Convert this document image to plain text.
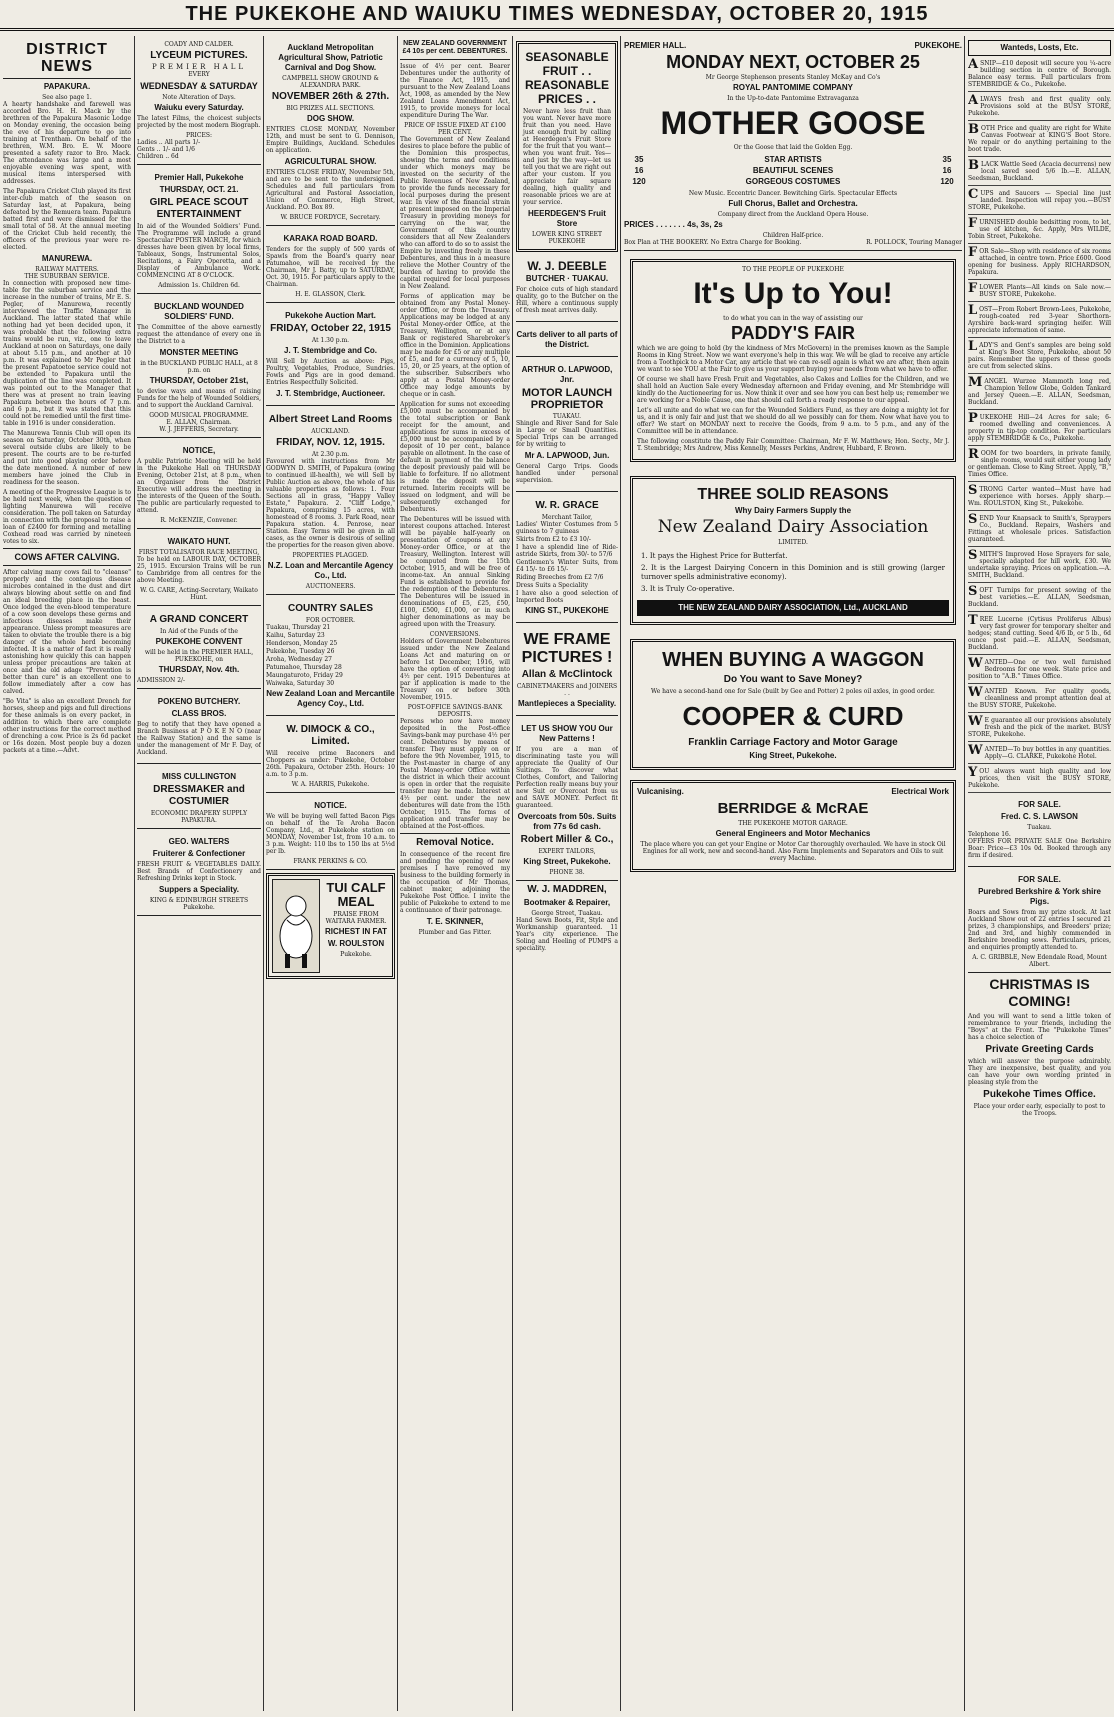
THE PUKEKOHE AND WAIUKU TIMES WEDNESDAY, OCTOBER 20, 1915
DISTRICT NEWS
PAPAKURA.
See also page 1.

A hearty handshake and farewell was accorded Bro. H. H. Mack by the brethren of the Papakura Masonic Lodge on Monday evening, the occasion being the eve of his departure to go into training at Trentham. On behalf of the brethren, W.M. Bro. E. W. Moore presented a safety razor to Bro. Mack. The attendance was large and a most enjoyable evening was spent, with musical items interspersed with addresses.

The Papakura Cricket Club played its first inter-club match of the season on Saturday last, at Papakura, being defeated by the Remuera team. Papakura batted first and were dismissed for the small total of 58. At the annual meeting of the Cricket Club held recently, the officers of the previous year were re-elected.

MANUREWA.
RAILWAY MATTERS.
THE SUBURBAN SERVICE.

In connection with proposed new time-table for the suburban service and the increase in the number of trains, Mr E. S. Pegler, of Manurewa, recently interviewed the Traffic Manager in Auckland. The latter stated that while nothing had yet been decided upon, it was probable that the following extra trains would be run, viz., one to leave Auckland at noon on Saturdays, one daily at about 5.15 p.m., and another at 10 p.m. It was explained to Mr Pegler that the present Papatoetoe service could not be extended to Papakura until the duplication of the line was completed. It was pointed out to the Manager that there was at present no train leaving Papakura between the hours of 7 p.m. and 6 p.m., but it was stated that this could not be remedied until the first time-table in 1916 is under consideration.

The Manurewa Tennis Club will open its season on Saturday, October 30th, when several outside clubs are likely to be present. The courts are to be re-turfed and put into good playing order before the date mentioned. A number of new members have joined the Club in readiness for the season.

A meeting of the Progressive League is to be held next week, when the question of lighting Manurewa will receive consideration. The poll taken on Saturday in connection with the proposal to raise a loan of £2400 for forming and metalling Coxhead road was carried by nineteen votes to six.

COWS AFTER CALVING.

After calving many cows fail to "cleanse" properly and the contagious disease microbes contained in the dust and dirt always blowing about settle on and find an ideal breeding place in the beast. Once lodged the even-blood temperature of a cow soon develops these germs and infectious diseases make their appearance. Unless prompt measures are taken to obviate the trouble there is a big danger of the whole herd becoming infected. It is a matter of fact it is really astonishing how quickly this can happen unless proper precautions are taken at once and the old adage "Prevention is better than cure" is an excellent one to follow immediately after a cow has calved.

"Bo Vita" is also an excellent Drench for horses, sheep and pigs and full directions for these animals is on every packet, in addition to which there are complete other instructions for the correct method of drenching a cow. Price is 2s 6d packet or 16s dozen. Most people buy a dozen packets at a time.—Advt.

COADY AND CALDER.
LYCEUM PICTURES.
PREMIER HALL
EVERY
WEDNESDAY & SATURDAY
Note Alteration of Days.
Waiuku every Saturday.

The latest Films, the choicest subjects projected by the most modern Biograph.

PRICES:
Ladies .. All parts 1/-
Gents .. 1/- and 1/6
Children .. 6d
Premier Hall, Pukekohe
THURSDAY, OCT. 21.
GIRL PEACE SCOUT ENTERTAINMENT

In aid of the Wounded Soldiers' Fund. The Programme will include a grand Spectacular POSTER MARCH, for which dresses have been given by local firms, Tableaux, Songs, Instrumental Solos, Recitations, a Fairy Operetta, and a Display of Ambulance Work. COMMENCING AT 8 O'CLOCK.

Admission 1s. Children 6d.
BUCKLAND WOUNDED SOLDIERS' FUND.

The Committee of the above earnestly request the attendance of every one in the District to a

MONSTER MEETING
in the BUCKLAND PUBLIC HALL, at 8 p.m. on
THURSDAY, October 21st,

to devise ways and means of raising Funds for the help of Wounded Soldiers, and to support the Auckland Carnival.

GOOD MUSICAL PROGRAMME.
E. ALLAN, Chairman.
W. J. JEFFERIS, Secretary.
NOTICE,

A public Patriotic Meeting will be held in the Pukekohe Hall on THURSDAY Evening, October 21st, at 8 p.m., when an Organiser from the District Executive will address the meeting in the interests of the Queen of the South. The public are particularly requested to attend.

R. McKENZIE, Convener.
WAIKATO HUNT.
FIRST TOTALISATOR RACE MEETING,

To be held on LABOUR DAY, OCTOBER 25, 1915. Excursion Trains will be run to Cambridge from all centres for the above Meeting.

W. G. CARE, Acting-Secretary, Waikato Hunt.
A GRAND CONCERT
In Aid of the Funds of the
PUKEKOHE CONVENT
will be held in the PREMIER HALL, PUKEKOHE, on
THURSDAY, Nov. 4th.
ADMISSION 2/-
POKENO BUTCHERY.
CLASS BROS.

Beg to notify that they have opened a Branch Business at P O K E N O (near the Railway Station) and the same is under the management of Mr F. Day, of Auckland.

MISS CULLINGTON
DRESSMAKER and COSTUMIER
ECONOMIC DRAPERY SUPPLY PAPAKURA.
GEO. WALTERS
Fruiterer & Confectioner

FRESH FRUIT & VEGETABLES DAILY. Best Brands of Confectionery and Refreshing Drinks kept in Stock.

Suppers a Speciality.
KING & EDINBURGH STREETS Pukekohe.
Auckland Metropolitan Agricultural Show, Patriotic Carnival and Dog Show.
CAMPBELL SHOW GROUND & ALEXANDRA PARK.
NOVEMBER 26th & 27th.
BIG PRIZES ALL SECTIONS.
DOG SHOW.

ENTRIES CLOSE MONDAY, November 12th, and must be sent to G. Dennison, Empire Buildings, Auckland. Schedules on application.

AGRICULTURAL SHOW.

ENTRIES CLOSE FRIDAY, November 5th, and are to be sent to the undersigned. Schedules and full particulars from Agricultural and Pastoral Association, Union of Commerce, High Street, Auckland. P.O. Box 89.

W. BRUCE FORDYCE, Secretary.
KARAKA ROAD BOARD.

Tenders for the supply of 500 yards of Spawls from the Board's quarry near Patumahoe, will be received by the Chairman, Mr J. Batty, up to SATURDAY, Oct. 30, 1915. For particulars apply to the Chairman.

H. E. GLASSON, Clerk.
Pukekohe Auction Mart.
FRIDAY, October 22, 1915
At 1.30 p.m.
J. T. Stembridge and Co.

Will Sell by Auction as above: Pigs, Poultry, Vegetables, Produce, Sundries. Fowls and Pigs are in good demand. Entries Respectfully Solicited.

J. T. Stembridge, Auctioneer.
Albert Street Land Rooms
AUCKLAND.
FRIDAY, NOV. 12, 1915.
At 2.30 p.m.

Favoured with instructions from Mr GODWYN D. SMITH, of Papakura (owing to continued ill-health), we will Sell by Public Auction as above, the whole of his valuable properties as follows: 1. Four Sections all in grass, "Happy Valley Estate," Papakura. 2. "Cliff Lodge," Papakura, comprising 15 acres, with homestead of 8 rooms. 3. Park Road, near Papakura station. 4. Penrose, near Station. Easy Terms will be given in all cases, as the owner is desirous of selling the properties for the reason given above.

PROPERTIES PLAGGED.
N.Z. Loan and Mercantile Agency Co., Ltd.
AUCTIONEERS.
COUNTRY SALES
FOR OCTOBER.
Tuakau, Thursday 21
Kaihu, Saturday 23
Henderson, Monday 25
Pukekohe, Tuesday 26
Aroha, Wednesday 27
Patumahoe, Thursday 28
Maungaturoto, Friday 29
Waiwaka, Saturday 30
New Zealand Loan and Mercantile Agency Coy., Ltd.
W. DIMOCK & CO., Limited.

Will receive prime Baconers and Choppers as under: Pukekohe, October 26th. Papakura, October 25th. Hours: 10 a.m. to 3 p.m.

W. A. HARRIS, Pukekohe.
NOTICE.

We will be buying well fatted Bacon Pigs on behalf of the Te Aroha Bacon Company, Ltd., at Pukekohe station on MONDAY, November 1st, from 10 a.m. to 3 p.m. Weight: 110 lbs to 150 lbs at 5½d per lb.

FRANK PERKINS & CO.
TUI CALF MEAL
PRAISE FROM WAITARA FARMER.
RICHEST IN FAT
W. ROULSTON
Pukekohe.
NEW ZEALAND GOVERNMENT £4 10s per cent. DEBENTURES.

Issue of 4½ per cent. Bearer Debentures under the authority of the Finance Act, 1915, and pursuant to the New Zealand Loans Act, 1908, as amended by the New Zealand Loans Amendment Act, 1915, to provide moneys for local expenditure During The War.

PRICE OF ISSUE FIXED AT £100 PER CENT.

The Government of New Zealand desires to place before the public of the Dominion this prospectus, showing the terms and conditions under which moneys may be invested on the security of the Public Revenues of New Zealand, to provide the funds necessary for local purposes during the present war. In view of the financial strain at present imposed on the Imperial Treasury in providing moneys for carrying on the war, the Government of this country considers that all New Zealanders who can afford to do so to assist the Empire by investing freely in these Debentures, and thus in a measure relieve the Mother Country of the burden of having to provide the capital required for local purposes in New Zealand.

Forms of application may be obtained from any Postal Money-order Office, or from the Treasury. Applications may be lodged at any Postal Money-order Office, at the Treasury, Wellington, or at any Bank or registered Sharebroker's office in the Dominion. Applications may be made for £5 or any multiple of £5, and for a currency of 5, 10, 15, 20, or 25 years, at the option of the subscriber. Subscribers who apply at a Postal Money-order Office may lodge amounts by cheque or in cash.

Application for sums not exceeding £5,000 must be accompanied by the total subscription or Bank receipt for the amount, and applications for sums in excess of £5,000 must be accompanied by a deposit of 10 per cent., balance payable on allotment. In the case of default in payment of the balance the deposit previously paid will be liable to forfeiture. If no allotment is made the deposit will be returned. Interim receipts will be issued on lodgment, and will be subsequently exchanged for Debentures.

The Debentures will be issued with interest coupons attached. Interest will be payable half-yearly on presentation of coupons at any Money-order Office, or at the Treasury, Wellington. Interest will be computed from the 15th October, 1915, and will be free of income-tax. An annual Sinking Fund is established to provide for the redemption of the Debentures. The Debentures will be issued in denominations of £5, £25, £50, £100, £500, £1,000, or in such higher denominations as may be agreed upon with the Treasury.

CONVERSIONS.

Holders of Government Debentures issued under the New Zealand Loans Act and maturing on or before 1st December, 1916, will have the option of converting into 4½ per cent. 1915 Debentures at par if application is made to the Treasury on or before 30th November, 1915.

POST-OFFICE SAVINGS-BANK DEPOSITS.

Persons who now have money deposited in the Post-office Savings-bank may purchase 4½ per cent. Debentures by means of transfer. They must apply on or before the 9th November, 1915, to the Post-master in charge of any Postal Money-order Office within the district in which their account is open in order that the requisite transfer may be made. Interest at 4½ per cent. under the new debentures will date from the 15th October, 1915. The forms of application and transfer may be obtained at the Post-offices.

Removal Notice.

In consequence of the recent fire and pending the opening of new premises I have removed my business to the building formerly in the occupation of Mr Thomas, cabinet maker, adjoining the Pukekohe Post Office. I invite the public of Pukekohe to extend to me a continuance of their patronage.

T. E. SKINNER,
Plumber and Gas Fitter.
SEASONABLE FRUIT . . REASONABLE PRICES . .

Never have less fruit than you want. Never have more fruit than you need. Have just enough fruit by calling at Heerdegen's Fruit Store for the fruit that you want—when you want fruit. Yes—and just by the way—let us tell you that we are right out after your custom. If you appreciate fair square dealing, high quality and reasonable prices we are at your service.

HEERDEGEN'S Fruit Store
LOWER KING STREET PUKEKOHE
W. J. DEEBLE
BUTCHER · TUAKAU.

For choice cuts of high standard quality, go to the Butcher on the Hill, where a continuous supply of fresh meat arrives daily.

Carts deliver to all parts of the District.
ARTHUR O. LAPWOOD, Jnr.
MOTOR LAUNCH PROPRIETOR
TUAKAU.

Shingle and River Sand for Sale in Large or Small Quantities. Special Trips can be arranged for by writing to

Mr A. LAPWOOD, Jun.

General Cargo Trips. Goods handled under personal supervision.

W. R. GRACE
Merchant Tailor,
Ladies' Winter Costumes from 5 guineas to 7 guineas
Skirts from £2 to £3 10/-
I have a splendid line of Ride-astride Skirts, from 30/- to 57/6
Gentlemen's Winter Suits, from £4 15/- to £6 15/-
Riding Breeches from £2 7/6
Dress Suits a Speciality
I have also a good selection of Imported Boots
KING ST., PUKEKOHE
WE FRAME PICTURES !
Allan & McClintock
CABINETMAKERS and JOINERS . .
Mantlepieces a Speciality.
LET US SHOW YOU Our New Patterns !

If you are a man of discriminating taste you will appreciate the Quality of Our Suitings. To discover what Clothes, Comfort, and Tailoring Perfection really means buy your new Suit or Overcoat from us and SAVE MONEY. Perfect fit guaranteed.

Overcoats from 50s. Suits from 77s 6d cash.
Robert Miller & Co.,
EXPERT TAILORS,
King Street, Pukekohe.
PHONE 38.
W. J. MADDREN,
Bootmaker & Repairer,
George Street, Tuakau.

Hand Sewn Boots, Fit, Style and Workmanship guaranteed. 11 Year's city experience. The Soling and Heeling of PUMPS a speciality.

PREMIER HALL.	PUKEKOHE.
MONDAY NEXT, OCTOBER 25
Mr George Stephenson presents Stanley McKay and Co's
ROYAL PANTOMIME COMPANY
In the Up-to-date Pantomime Extravaganza
MOTHER GOOSE
Or the Goose that laid the Golden Egg.
35	STAR ARTISTS	35
16	BEAUTIFUL SCENES	16
120	GORGEOUS COSTUMES	120
New Music. Eccentric Dancer. Bewitching Girls. Spectacular Effects
Full Chorus, Ballet and Orchestra.
Company direct from the Auckland Opera House.
PRICES . . . . . . . 4s, 3s, 2s
Children Half-price.
Box Plan at THE BOOKERY. No Extra Charge for Booking.	R. POLLOCK, Touring Manager
TO THE PEOPLE OF PUKEKOHE
It's Up to You!
to do what you can in the way of assisting our
PADDY'S FAIR

which we are going to hold (by the kindness of Mrs McGovern) in the premises known as the Sample Rooms in King Street. Now we want everyone's help in this way. We will be glad to receive any article from a Toothpick to a Motor Car, any article that we can re-sell again is what we are after, then again we want to see YOU at the Fair to give us your support buying your needs from what we have to offer.

Of course we shall have Fresh Fruit and Vegetables, also Cakes and Lollies for the Children, and we shall hold an Auction Sale every Wednesday afternoon and Friday evening, and Mr Stembridge will kindly do the Auctioneering for us. Now think it over and see how you can best help us; remember we are working for a Noble Cause, one that should call forth a ready response to our appeal.

Let's all unite and do what we can for the Wounded Soldiers Fund, as they are doing a mighty lot for us, and it is only fair and just that we should do all we possibly can for them. Now what have you to offer? We start on MONDAY next to receive the Goods, from 9 a.m. to 5 p.m., and any of the Committee will be in attendance.

The following constitute the Paddy Fair Committee: Chairman, Mr F. W. Matthews; Hon. Secty., Mr J. T. Stembridge; Mrs Andrew, Miss Kennelly, Messrs Perkins, Andrew, Hubbard, F. Brown.

THREE SOLID REASONS
Why Dairy Farmers Supply the
New Zealand Dairy Association
LIMITED.

1. It pays the Highest Price for Butterfat.

2. It is the Largest Dairying Concern in this Dominion and is still growing (larger turnover spells administrative economy).

3. It is Truly Co-operative.

THE NEW ZEALAND DAIRY ASSOCIATION, Ltd., AUCKLAND
WHEN BUYING A WAGGON
Do You want to Save Money?

We have a second-hand one for Sale (built by Gee and Potter) 2 poles oil axles, in good order.

COOPER & CURD
Franklin Carriage Factory and Motor Garage
King Street, Pukekohe.
Vulcanising.	Electrical Work
BERRIDGE & McRAE
THE PUKEKOHE MOTOR GARAGE.
General Engineers and Motor Mechanics

The place where you can get your Engine or Motor Car thoroughly overhauled. We have in stock Oil Engines for all work, new and second-hand. Also Farm Implements and Separators and Oils to suit every Machine.

Wanteds, Losts, Etc.
ASNIP—£10 deposit will secure you ¼-acre building section in centre of Borough. Balance easy terms. Full particulars from STEMBRIDGE & Co., Pukekohe.
ALWAYS fresh and first quality only. Provisions sold at the BUSY STORE, Pukekohe.
BOTH Price and quality are right for White Canvas Footwear at KING'S Boot Store. We repair or do anything pertaining to the boot trade.
BLACK Wattle Seed (Acacia decurrens) new local saved seed 5/6 lb.—E. ALLAN, Seedsman, Buckland.
CUPS and Saucers — Special line just landed. Inspection will repay you.—BUSY STORE, Pukekohe.
FURNISHED double bedsitting room, to let, use of kitchen, &c. Apply, Mrs WILDE, Tobin Street, Pukekohe.
FOR Sale—Shop with residence of six rooms attached, in centre town. Price £600. Good opening for business. Apply RICHARDSON, Papakura.
FLOWER Plants—All kinds on Sale now.—BUSY STORE, Pukekohe.
LOST—From Robert Brown-Lees, Pukekohe, rough-coated red 3-year Shorthorn-Ayrshire back-ward springing heifer. Will appreciate information of same.
LADY'S and Gent's samples are being sold at King's Boot Store, Pukekohe, about 50 pairs. Remember the uppers of these goods are cut from selected skins.
MANGEL Wurzee Mammoth long red, Champion Yellow Globe, Golden Tankard and Jersey Queen.—E. ALLAN, Seedsman, Buckland.
PUKEKOHE Hill—24 Acres for sale; 6-roomed dwelling and conveniences. A property in tip-top condition. For particulars apply STEMBRIDGE & Co., Pukekohe.
ROOM for two boarders, in private family, single rooms, would suit either young lady or gentleman. Close to King Street. Apply, "B," Times Office.
STRONG Carter wanted—Must have had experience with horses. Apply sharp.—Wm. ROULSTON, King St., Pukekohe.
SEND Your Knapsack to Smith's, Spraypers Co., Buckland. Repairs, Washers and Fittings at wholesale prices. Satisfaction guaranteed.
SMITH'S Improved Hose Sprayers for sale, specially adapted for hill work, £30. We undertake spraying. Prices on application.—A. SMITH, Buckland.
SOFT Turnips for present sowing of the best varieties.—E. ALLAN, Seedsman, Buckland.
TREE Lucerne (Cytisus Proliferus Albus) very fast grower for temporary shelter and hedges; stand cutting. Seed 4/6 lb, or 5 lb., 6d ounce post paid.—E. ALLAN, Seedsman, Buckland.
WANTED—One or two well furnished Bedrooms for one week. State price and position to "A.B." Times Office.
WANTED Known. For quality goods, cleanliness and prompt attention deal at the BUSY STORE, Pukekohe.
W E guarantee all our provisions absolutely fresh and the pick of the market. BUSY STORE, Pukekohe.
WANTED—To buy bottles in any quantities. Apply—G. CLARKE, Pukekohe Hotel.
YOU always want high quality and low prices, then visit the BUSY STORE, Pukekohe.
FOR SALE.
Fred. C. S. LAWSON
Tuakau.
Telephone 16.

OFFERS FOR PRIVATE SALE One Berkshire Boar: Price—£3 10s 0d. Booked through any firm if desired.

FOR SALE.
Purebred Berkshire & York shire Pigs.

Boars and Sows from my prize stock. At last Auckland Show out of 22 entries I secured 21 prizes, 3 championships, and Breeders' prize; 2nd and 3rd, and highly commended in Berkshire breeding sows. Particulars, prices, and enquiries promptly attended to.

A. C. GRIBBLE, New Edendale Road, Mount Albert.
CHRISTMAS IS COMING!

And you will want to send a little token of remembrance to your friends, including the "Boys" at the Front. The "Pukekohe Times" has a choice selection of

Private Greeting Cards

which will answer the purpose admirably. They are inexpensive, best quality, and you can have your own wording printed in pleasing style from the

Pukekohe Times Office.
Place your order early, especially to post to the Troops.
